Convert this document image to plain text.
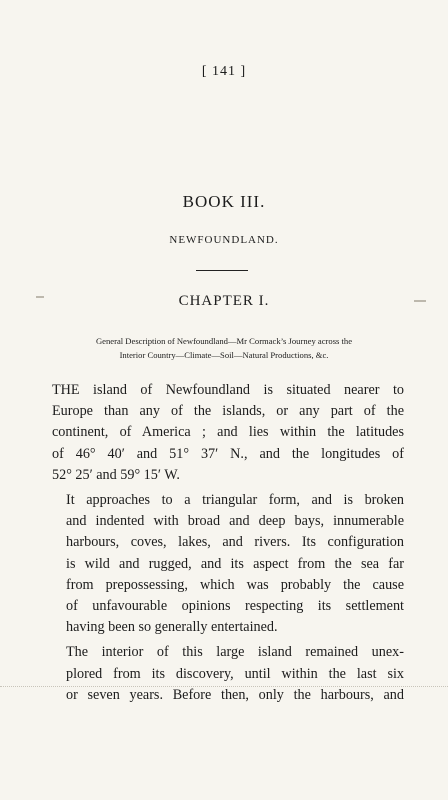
[ 141 ]
BOOK III.
NEWFOUNDLAND.
CHAPTER I.
General Description of Newfoundland—Mr Cormack’s Journey across the
Interior Country—Climate—Soil—Natural Productions, &c.

THE island of Newfoundland is situated nearer to
Europe than any of the islands, or any part of the
continent, of America ; and lies within the latitudes
of 46° 40′ and 51° 37′ N., and the longitudes of
52° 25′ and 59° 15′ W.

It approaches to a triangular form, and is broken
and indented with broad and deep bays, innumerable
harbours, coves, lakes, and rivers. Its configuration
is wild and rugged, and its aspect from the sea far
from prepossessing, which was probably the cause
of unfavourable opinions respecting its settlement
having been so generally entertained.

The interior of this large island remained unex-
plored from its discovery, until within the last six
or seven years. Before then, only the harbours, and
